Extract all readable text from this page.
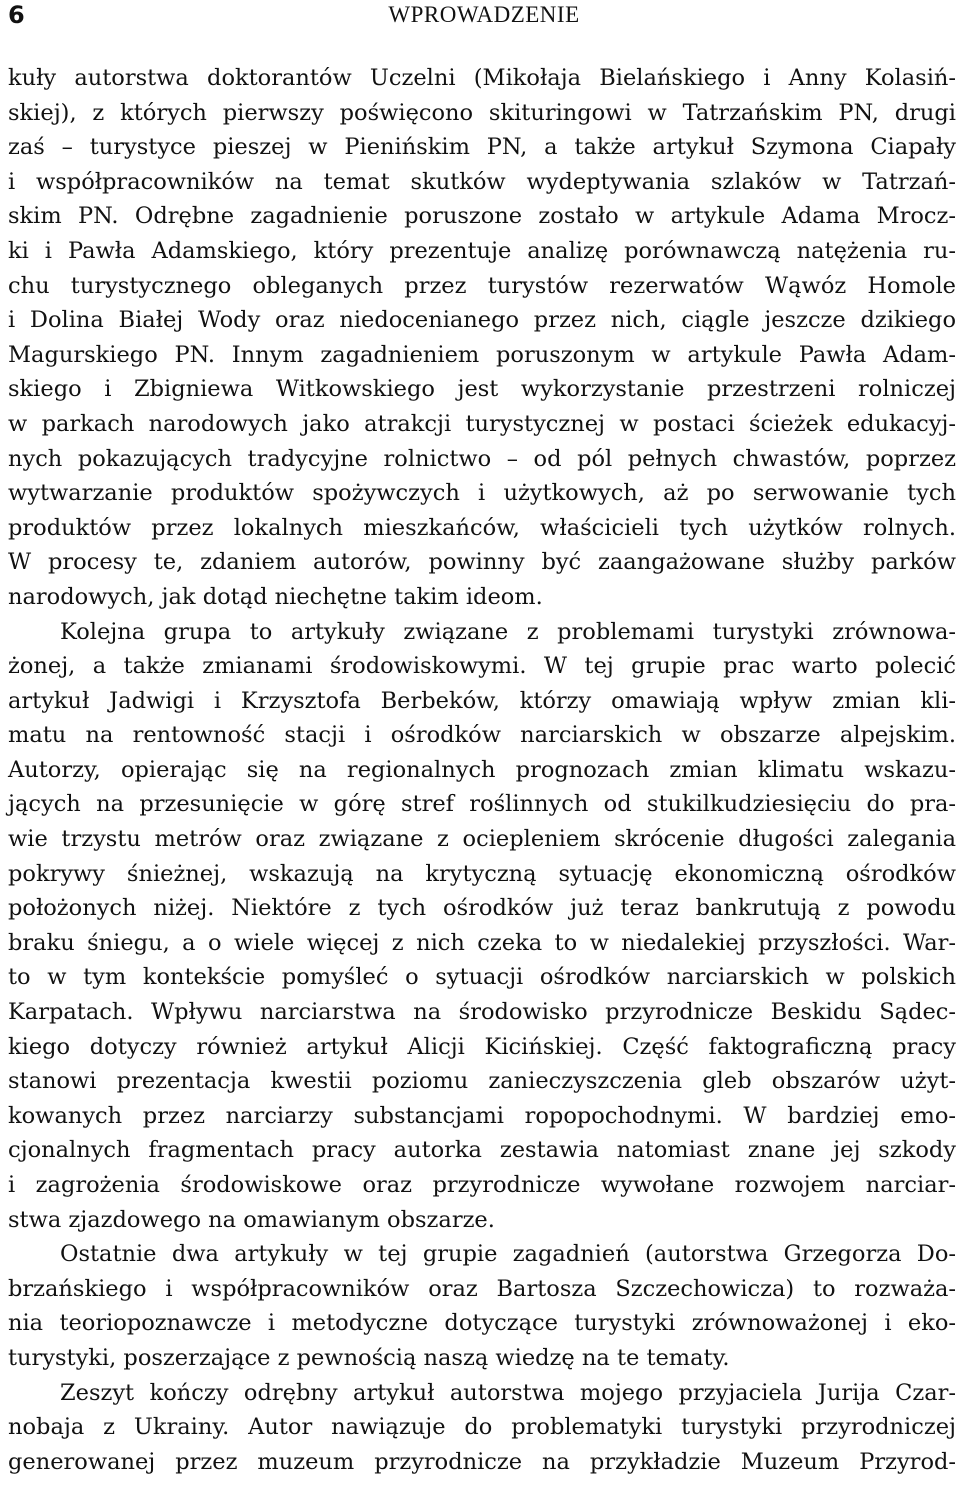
6	WPROWADZENIE
kuły autorstwa doktorantów Uczelni (Mikołaja Bielańskiego i Anny Kolasiń-
skiej), z których pierwszy poświęcono skituringowi w Tatrzańskim PN, drugi
zaś – turystyce pieszej w Pienińskim PN, a także artykuł Szymona Ciapały
i współpracowników na temat skutków wydeptywania szlaków w Tatrzań-
skim PN. Odrębne zagadnienie poruszone zostało w artykule Adama Mrocz-
ki i Pawła Adamskiego, który prezentuje analizę porównawczą natężenia ru-
chu turystycznego obleganych przez turystów rezerwatów Wąwóz Homole
i Dolina Białej Wody oraz niedocenianego przez nich, ciągle jeszcze dzikiego
Magurskiego PN. Innym zagadnieniem poruszonym w artykule Pawła Adam-
skiego i Zbigniewa Witkowskiego jest wykorzystanie przestrzeni rolniczej
w parkach narodowych jako atrakcji turystycznej w postaci ścieżek edukacyj-
nych pokazujących tradycyjne rolnictwo – od pól pełnych chwastów, poprzez
wytwarzanie produktów spożywczych i użytkowych, aż po serwowanie tych
produktów przez lokalnych mieszkańców, właścicieli tych użytków rolnych.
W procesy te, zdaniem autorów, powinny być zaangażowane służby parków
narodowych, jak dotąd niechętne takim ideom.
Kolejna grupa to artykuły związane z problemami turystyki zrównowa-
żonej, a także zmianami środowiskowymi. W tej grupie prac warto polecić
artykuł Jadwigi i Krzysztofa Berbeków, którzy omawiają wpływ zmian kli-
matu na rentowność stacji i ośrodków narciarskich w obszarze alpejskim.
Autorzy, opierając się na regionalnych prognozach zmian klimatu wskazu-
jących na przesunięcie w górę stref roślinnych od stukilkudziesięciu do pra-
wie trzystu metrów oraz związane z ociepleniem skrócenie długości zalegania
pokrywy śnieżnej, wskazują na krytyczną sytuację ekonomiczną ośrodków
położonych niżej. Niektóre z tych ośrodków już teraz bankrutują z powodu
braku śniegu, a o wiele więcej z nich czeka to w niedalekiej przyszłości. War-
to w tym kontekście pomyśleć o sytuacji ośrodków narciarskich w polskich
Karpatach. Wpływu narciarstwa na środowisko przyrodnicze Beskidu Sądec-
kiego dotyczy również artykuł Alicji Kicińskiej. Część faktograficzną pracy
stanowi prezentacja kwestii poziomu zanieczyszczenia gleb obszarów użyt-
kowanych przez narciarzy substancjami ropopochodnymi. W bardziej emo-
cjonalnych fragmentach pracy autorka zestawia natomiast znane jej szkody
i zagrożenia środowiskowe oraz przyrodnicze wywołane rozwojem narciar-
stwa zjazdowego na omawianym obszarze.
Ostatnie dwa artykuły w tej grupie zagadnień (autorstwa Grzegorza Do-
brzańskiego i współpracowników oraz Bartosza Szczechowicza) to rozważa-
nia teoriopoznawcze i metodyczne dotyczące turystyki zrównoważonej i eko-
turystyki, poszerzające z pewnością naszą wiedzę na te tematy.
Zeszyt kończy odrębny artykuł autorstwa mojego przyjaciela Jurija Czar-
nobaja z Ukrainy. Autor nawiązuje do problematyki turystyki przyrodniczej
generowanej przez muzeum przyrodnicze na przykładzie Muzeum Przyrod-
